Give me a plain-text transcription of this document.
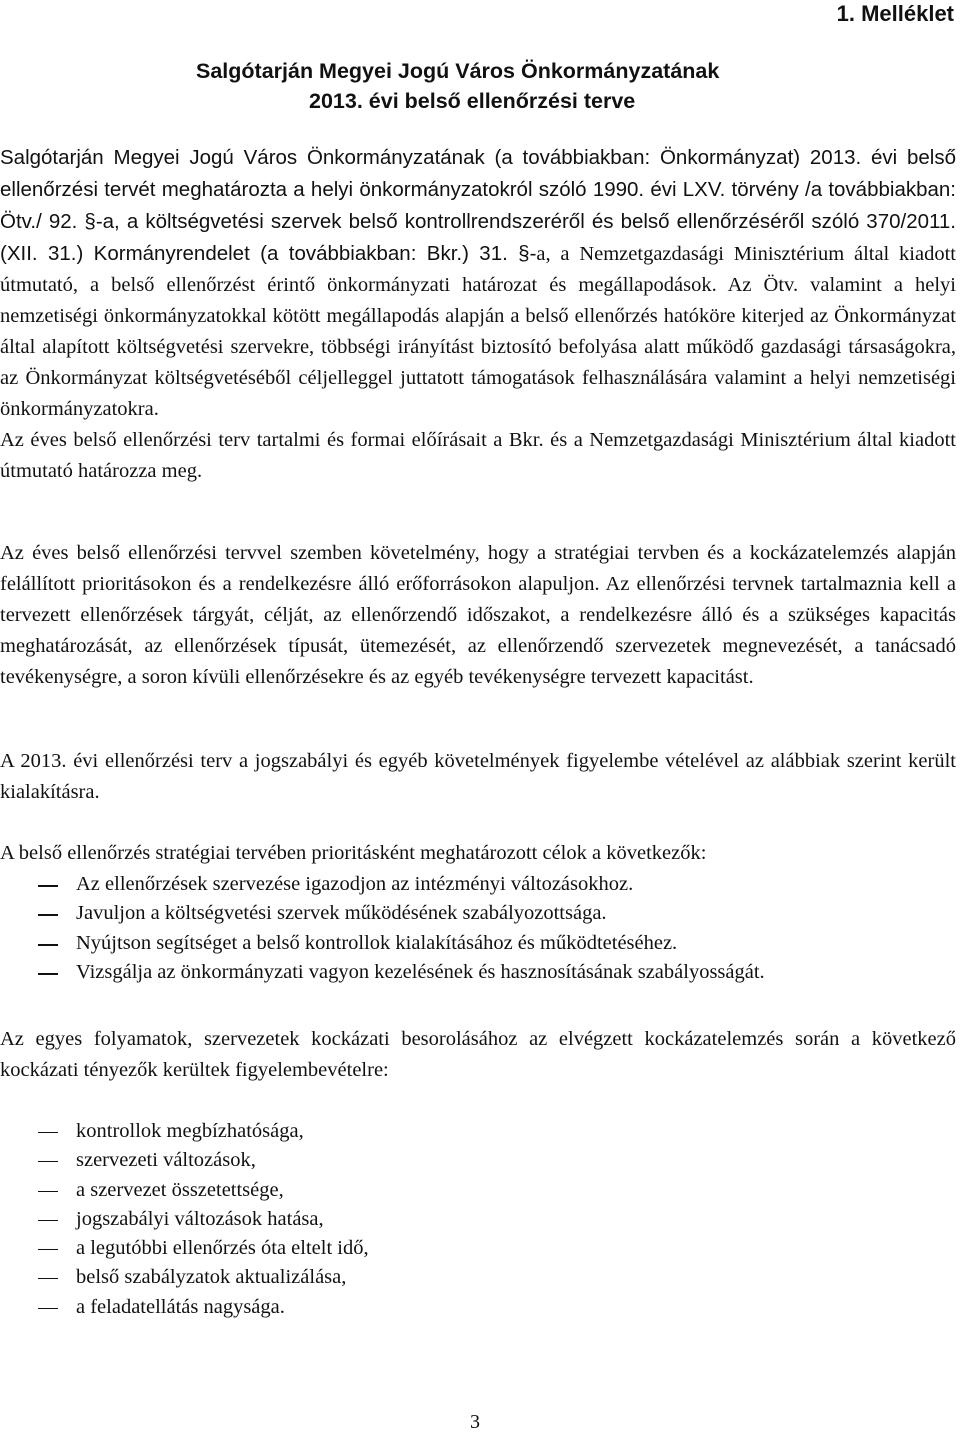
1. Melléklet

Salgótarján Megyei Jogú Város Önkormányzatának
2013. évi belső ellenőrzési terve

Salgótarján Megyei Jogú Város Önkormányzatának (a továbbiakban: Önkormányzat) 2013. évi belső ellenőrzési tervét meghatározta a helyi önkormányzatokról szóló 1990. évi LXV. törvény /a továbbiakban: Ötv./ 92. §-a, a költségvetési szervek belső kontrollrendszeréről és belső ellenőrzéséről szóló 370/2011. (XII. 31.) Kormányrendelet (a továbbiakban: Bkr.) 31. §-a, a Nemzetgazdasági Minisztérium által kiadott útmutató, a belső ellenőrzést érintő önkormányzati határozat és megállapodások. Az Ötv. valamint a helyi nemzetiségi önkormányzatokkal kötött megállapodás alapján a belső ellenőrzés hatóköre kiterjed az Önkormányzat által alapított költségvetési szervekre, többségi irányítást biztosító befolyása alatt működő gazdasági társaságokra, az Önkormányzat költségvetéséből céljelleggel juttatott támogatások felhasználására valamint a helyi nemzetiségi önkormányzatokra.

Az éves belső ellenőrzési terv tartalmi és formai előírásait a Bkr. és a Nemzetgazdasági Minisztérium által kiadott útmutató határozza meg.

Az éves belső ellenőrzési tervvel szemben követelmény, hogy a stratégiai tervben és a kockázatelemzés alapján felállított prioritásokon és a rendelkezésre álló erőforrásokon alapuljon. Az ellenőrzési tervnek tartalmaznia kell a tervezett ellenőrzések tárgyát, célját, az ellenőrzendő időszakot, a rendelkezésre álló és a szükséges kapacitás meghatározását, az ellenőrzések típusát, ütemezését, az ellenőrzendő szervezetek megnevezését, a tanácsadó tevékenységre, a soron kívüli ellenőrzésekre és az egyéb tevékenységre tervezett kapacitást.

A 2013. évi ellenőrzési terv a jogszabályi és egyéb követelmények figyelembe vételével az alábbiak szerint került kialakításra.

A belső ellenőrzés stratégiai tervében prioritásként meghatározott célok a következők:

Az ellenőrzések szervezése igazodjon az intézményi változásokhoz.
Javuljon a költségvetési szervek működésének szabályozottsága.
Nyújtson segítséget a belső kontrollok kialakításához és működtetéséhez.
Vizsgálja az önkormányzati vagyon kezelésének és hasznosításának szabályosságát.

Az egyes folyamatok, szervezetek kockázati besorolásához az elvégzett kockázatelemzés során a következő kockázati tényezők kerültek figyelembevételre:

kontrollok megbízhatósága,
szervezeti változások,
a szervezet összetettsége,
jogszabályi változások hatása,
a legutóbbi ellenőrzés óta eltelt idő,
belső szabályzatok aktualizálása,
a feladatellátás nagysága.

3
